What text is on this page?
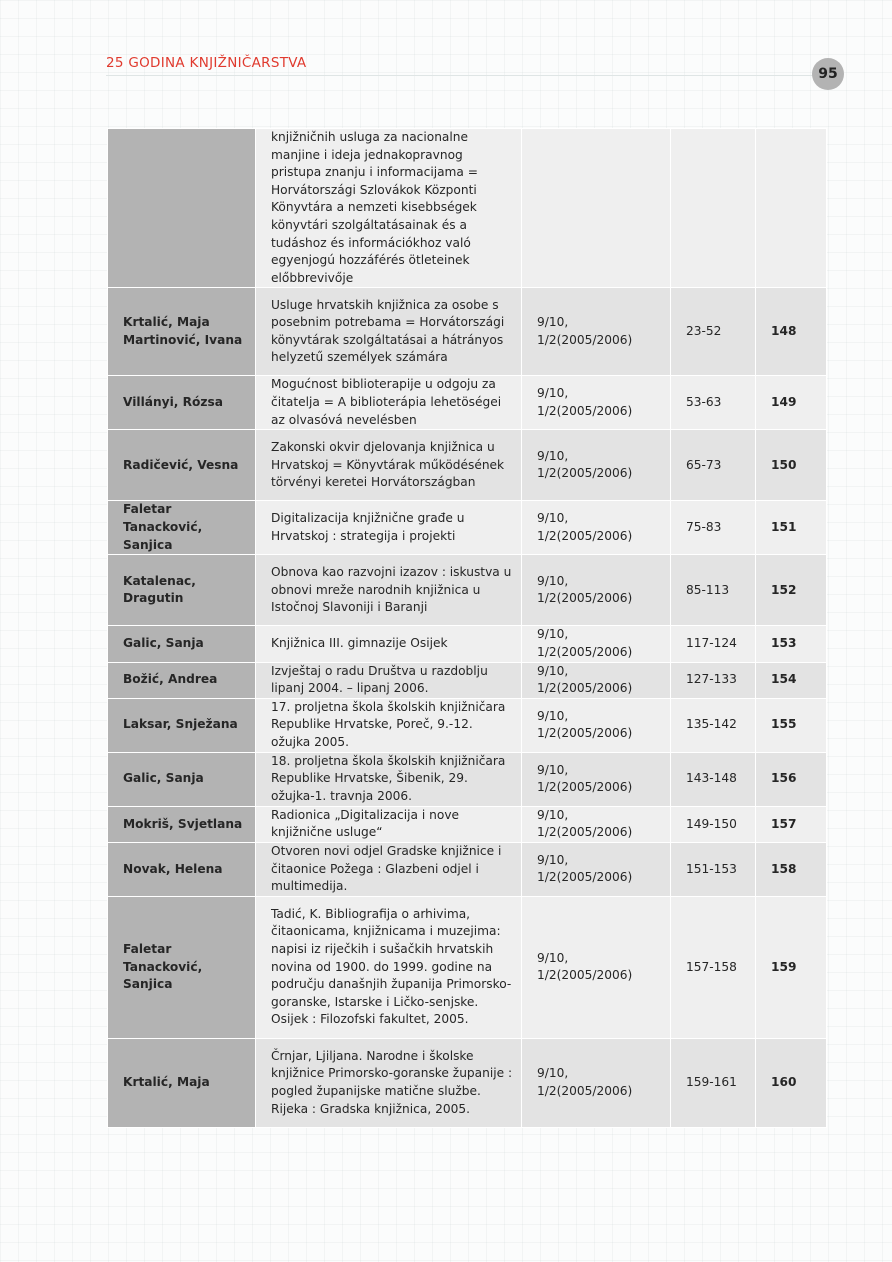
25 GODINA KNJIŽNIČARSTVA
95
	knjižničnih usluga za nacionalne manjine i ideja jednakopravnog pristupa znanju i informacijama = Horvátországi Szlovákok Központi Könyvtára a nemzeti kisebbségek könyvtári szolgáltatásainak és a tudáshoz és információkhoz való egyenjogú hozzáférés ötleteinek előbbrevivője			
Krtalić, Maja Martinović, Ivana	Usluge hrvatskih knjižnica za osobe s posebnim potrebama = Horvátországi könyvtárak szolgáltatásai a hátrányos helyzetű személyek számára	9/10, 1/2(2005/2006)	23-52	148
Villányi, Rózsa	Mogućnost biblioterapije u odgoju za čitatelja = A biblioterápia lehetöségei az olvasóvá nevelésben	9/10, 1/2(2005/2006)	53-63	149
Radičević, Vesna	Zakonski okvir djelovanja knjižnica u Hrvatskoj = Könyvtárak működésének törvényi keretei Horvátországban	9/10, 1/2(2005/2006)	65-73	150
Faletar Tanacković, Sanjica	Digitalizacija knjižnične građe u Hrvatskoj : strategija i projekti	9/10, 1/2(2005/2006)	75-83	151
Katalenac, Dragutin	Obnova kao razvojni izazov : iskustva u obnovi mreže narodnih knjižnica u Istočnoj Slavoniji i Baranji	9/10, 1/2(2005/2006)	85-113	152
Galic, Sanja	Knjižnica III. gimnazije Osijek	9/10, 1/2(2005/2006)	117-124	153
Božić, Andrea	Izvještaj o radu Društva u razdoblju lipanj 2004. – lipanj 2006.	9/10, 1/2(2005/2006)	127-133	154
Laksar, Snježana	17. proljetna škola školskih knjižničara Republike Hrvatske, Poreč, 9.-12. ožujka 2005.	9/10, 1/2(2005/2006)	135-142	155
Galic, Sanja	18. proljetna škola školskih knjižničara Republike Hrvatske, Šibenik, 29. ožujka-1. travnja 2006.	9/10, 1/2(2005/2006)	143-148	156
Mokriš, Svjetlana	Radionica „Digitalizacija i nove knjižnične usluge“	9/10, 1/2(2005/2006)	149-150	157
Novak, Helena	Otvoren novi odjel Gradske knjižnice i čitaonice Požega : Glazbeni odjel i multimedija.	9/10, 1/2(2005/2006)	151-153	158
Faletar Tanacković, Sanjica	Tadić, K. Bibliografija o arhivima, čitaonicama, knjižnicama i muzejima: napisi iz riječkih i sušačkih hrvatskih novina od 1900. do 1999. godine na području današnjih županija Primorsko-goranske, Istarske i Ličko-senjske. Osijek : Filozofski fakultet, 2005.	9/10, 1/2(2005/2006)	157-158	159
Krtalić, Maja	Črnjar, Ljiljana. Narodne i školske knjižnice Primorsko-goranske županije : pogled županijske matične službe. Rijeka : Gradska knjižnica, 2005.	9/10, 1/2(2005/2006)	159-161	160
